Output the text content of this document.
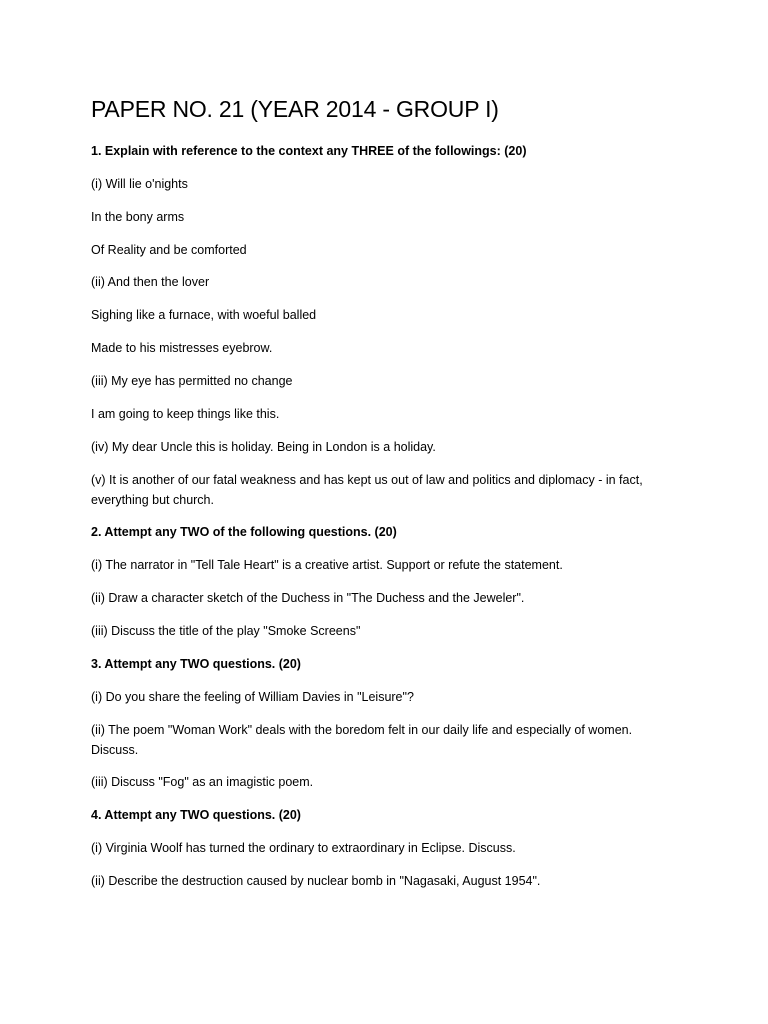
PAPER NO. 21 (YEAR 2014 - GROUP I)

1. Explain with reference to the context any THREE of the followings: (20)

(i) Will lie o'nights

In the bony arms

Of Reality and be comforted

(ii) And then the lover

Sighing like a furnace, with woeful balled

Made to his mistresses eyebrow.

(iii) My eye has permitted no change

I am going to keep things like this.

(iv) My dear Uncle this is holiday. Being in London is a holiday.

(v) It is another of our fatal weakness and has kept us out of law and politics and diplomacy - in fact, everything but church.

2. Attempt any TWO of the following questions. (20)

(i) The narrator in "Tell Tale Heart" is a creative artist. Support or refute the statement.

(ii) Draw a character sketch of the Duchess in "The Duchess and the Jeweler".

(iii) Discuss the title of the play "Smoke Screens"

3. Attempt any TWO questions. (20)

(i) Do you share the feeling of William Davies in "Leisure"?

(ii) The poem "Woman Work" deals with the boredom felt in our daily life and especially of women. Discuss.

(iii) Discuss "Fog" as an imagistic poem.

4. Attempt any TWO questions. (20)

(i) Virginia Woolf has turned the ordinary to extraordinary in Eclipse. Discuss.

(ii) Describe the destruction caused by nuclear bomb in "Nagasaki, August 1954".
